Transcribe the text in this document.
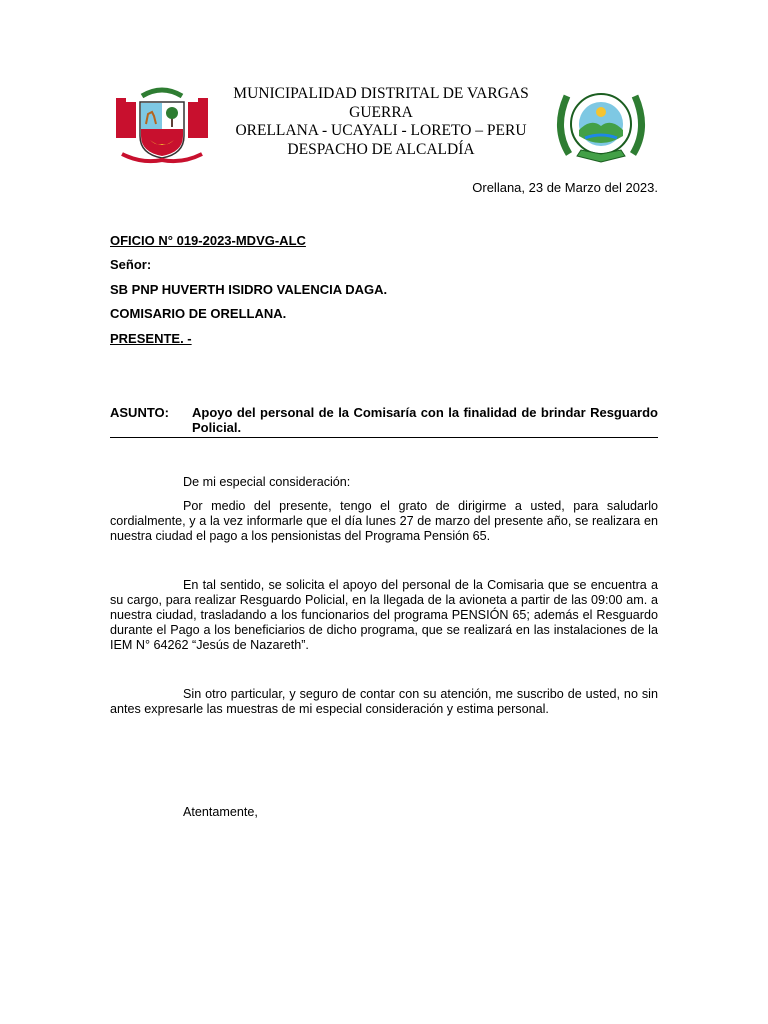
MUNICIPALIDAD DISTRITAL DE VARGAS GUERRA
ORELLANA - UCAYALI - LORETO – PERU
DESPACHO DE ALCALDÍA
Orellana, 23 de Marzo del 2023.
OFICIO N° 019-2023-MDVG-ALC
Señor:
SB PNP HUVERTH ISIDRO VALENCIA DAGA.
COMISARIO DE ORELLANA.
PRESENTE. -
ASUNTO: Apoyo del personal de la Comisaría con la finalidad de brindar Resguardo Policial.
De mi especial consideración:
Por medio del presente, tengo el grato de dirigirme a usted, para saludarlo cordialmente, y a la vez informarle que el día lunes 27 de marzo del presente año, se realizara en nuestra ciudad el pago a los pensionistas del Programa Pensión 65.
En tal sentido, se solicita el apoyo del personal de la Comisaria que se encuentra a su cargo, para realizar Resguardo Policial, en la llegada de la avioneta a partir de las 09:00 am. a nuestra ciudad, trasladando a los funcionarios del programa PENSIÓN 65; además el Resguardo durante el Pago a los beneficiarios de dicho programa, que se realizará en las instalaciones de la IEM N° 64262 “Jesús de Nazareth”.
Sin otro particular, y seguro de contar con su atención, me suscribo de usted, no sin antes expresarle las muestras de mi especial consideración y estima personal.
Atentamente,
